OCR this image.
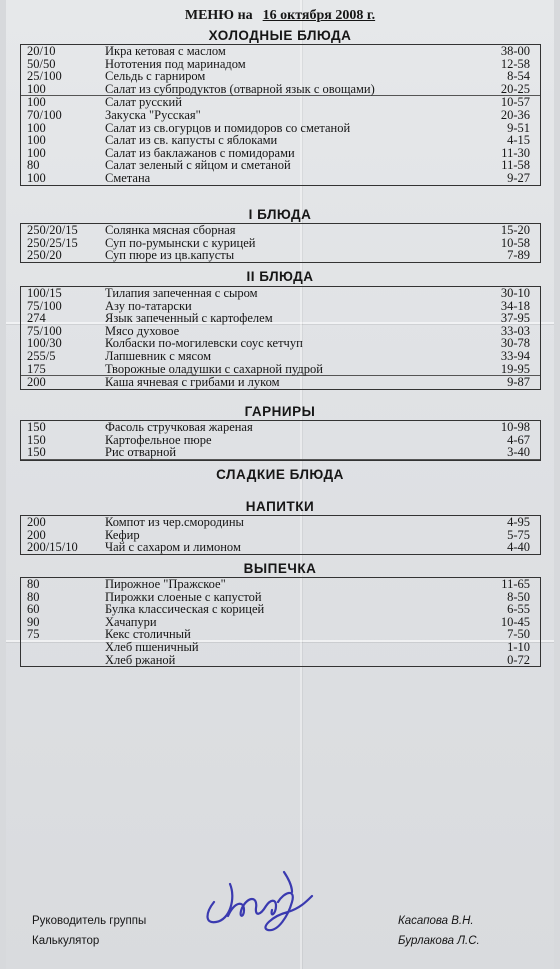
МЕНЮ на 16 октября 2008 г.
ХОЛОДНЫЕ БЛЮДА
20/10	Икра кетовая с маслом	38-00
50/50	Нототения под маринадом	12-58
25/100	Сельдь с гарниром	8-54
100	Салат из субпродуктов (отварной язык с овощами)	20-25
100	Салат русский	10-57
70/100	Закуска "Русская"	20-36
100	Салат из св.огурцов и помидоров со сметаной	9-51
100	Салат из св. капусты с яблоками	4-15
100	Салат из баклажанов с помидорами	11-30
80	Салат зеленый с яйцом и сметаной	11-58
100	Сметана	9-27
I БЛЮДА
250/20/15 Солянка мясная сборная	15-20
250/25/15 Суп по-румынски с курицей	10-58
250/20	Суп пюре из цв.капусты	7-89
II БЛЮДА
100/15	Тилапия запеченная с сыром	30-10
75/100	Азу по-татарски	34-18
274	Язык запеченный с картофелем	37-95
75/100	Мясо духовое	33-03
100/30	Колбаски по-могилевски соус кетчуп	30-78
255/5	Лапшевник с мясом	33-94
175	Творожные оладушки с сахарной пудрой	19-95
200	Каша ячневая с грибами и луком	9-87
ГАРНИРЫ
150	Фасоль стручковая жареная	10-98
150	Картофельное пюре	4-67
150	Рис отварной	3-40
СЛАДКИЕ БЛЮДА
НАПИТКИ
200	Компот из чер.смородины	4-95
200	Кефир	5-75
200/15/10 Чай с сахаром и лимоном	4-40
ВЫПЕЧКА
80	Пирожное "Пражское"	11-65
80	Пирожки слоеные с капустой	8-50
60	Булка классическая с корицей	6-55
90	Хачапури	10-45
75	Кекс столичный	7-50
Хлеб пшеничный	1-10
Хлеб ржаной	0-72
Руководитель группы	Касапова В.Н.
Калькулятор	Бурлакова Л.С.
